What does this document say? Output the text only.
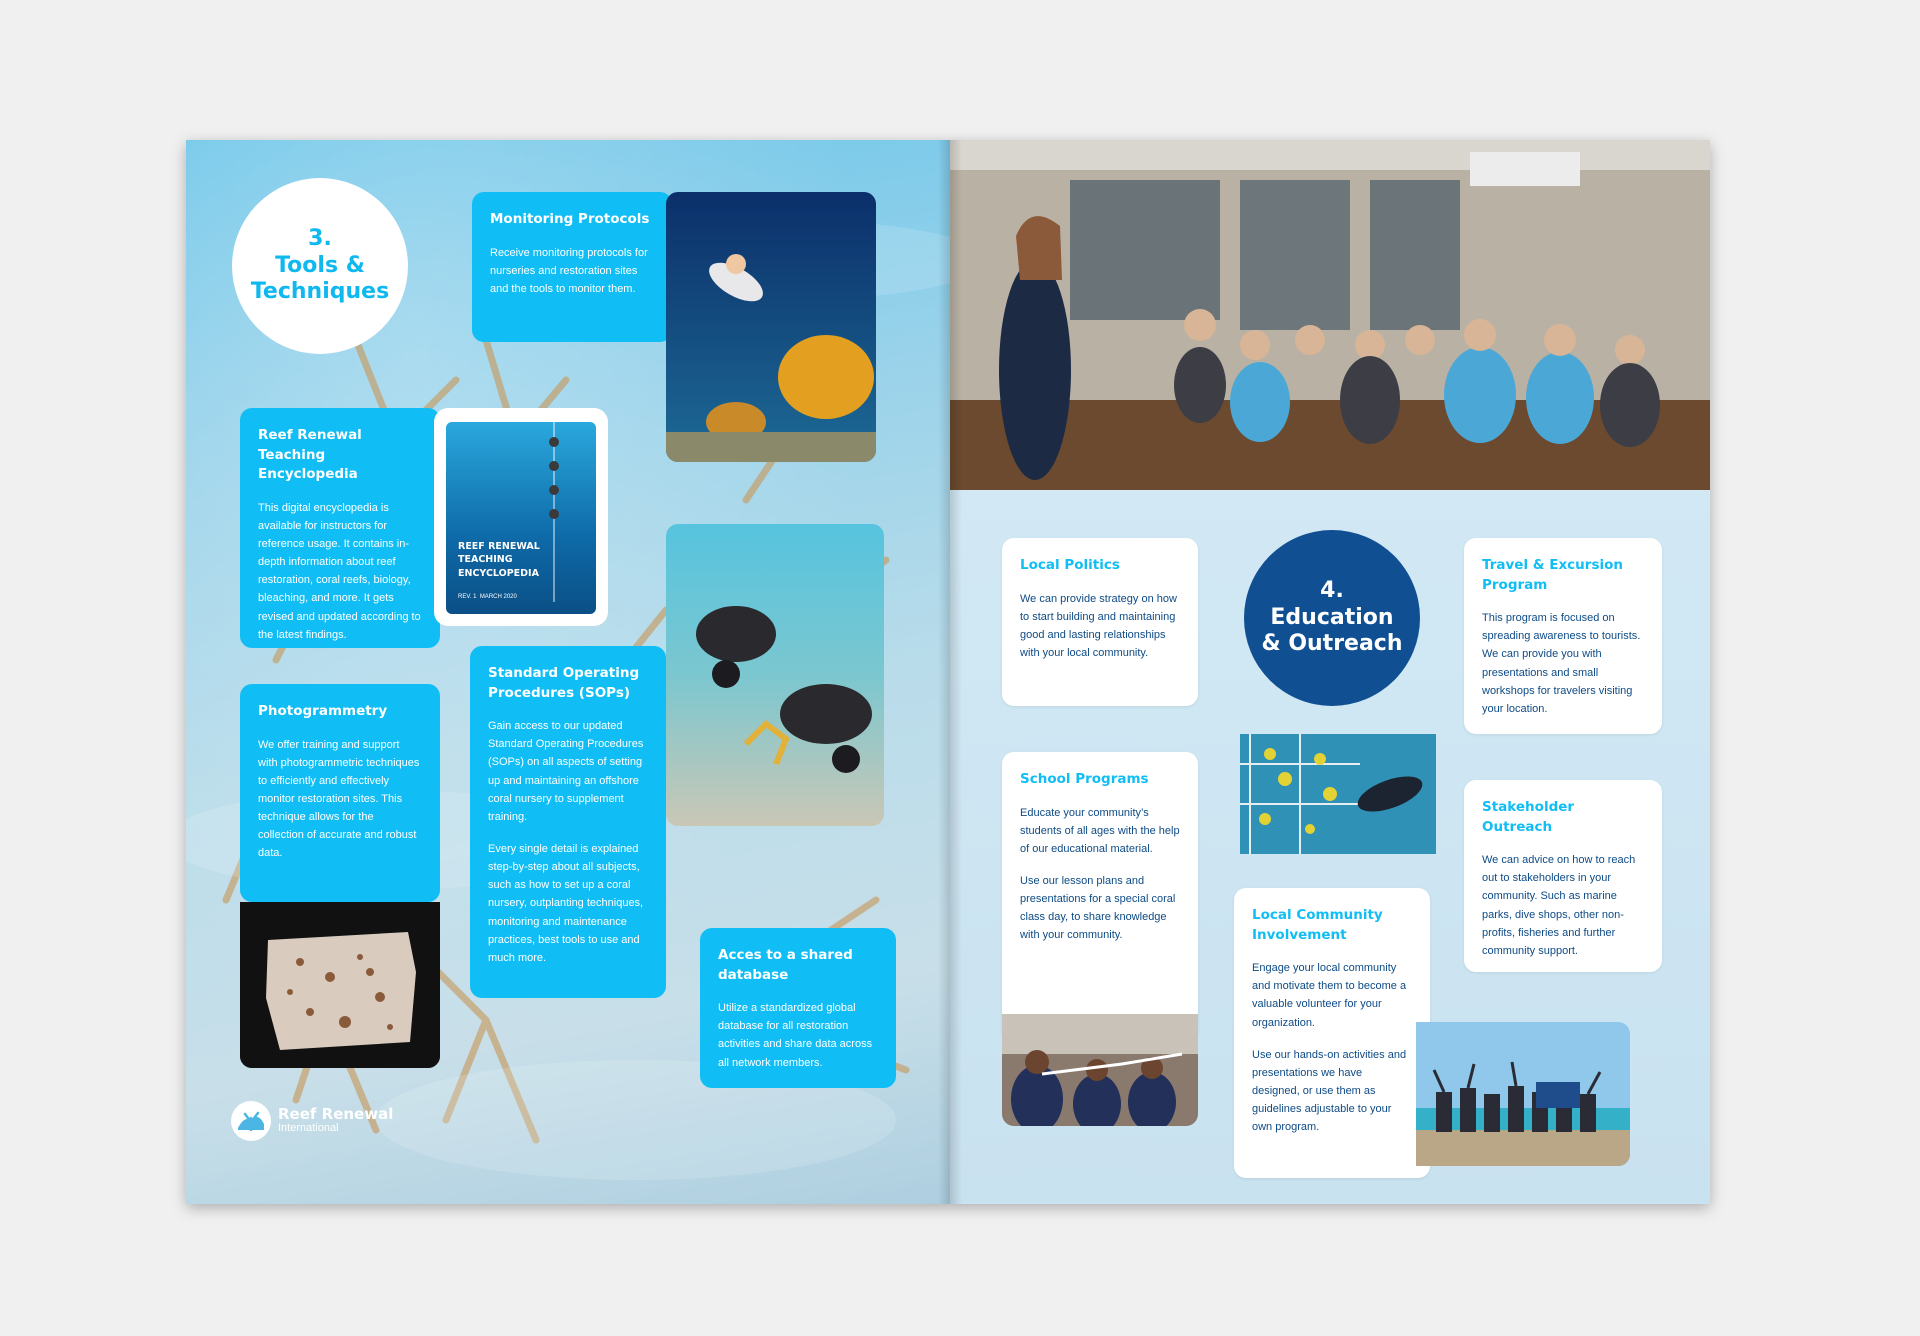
3.
Tools &
Techniques
Monitoring Protocols

Receive monitoring protocols for nurseries and restoration sites and the tools to monitor them.

Reef Renewal Teaching Encyclopedia

This digital encyclopedia is available for instructors for reference usage. It contains in-depth information about reef restoration, coral reefs, biology, bleaching, and more. It gets revised and updated according to the latest findings.

REEF RENEWAL
TEACHING
ENCYCLOPEDIA
REV. 1 MARCH 2020
Photogrammetry

We offer training and support with photogrammetric techniques to efficiently and effectively monitor restoration sites. This technique allows for the collection of accurate and robust data.

Standard Operating Procedures (SOPs)

Gain access to our updated Standard Operating Procedures (SOPs) on all aspects of setting up and maintaining an offshore coral nursery to supplement training.

Every single detail is explained step-by-step about all subjects, such as how to set up a coral nursery, outplanting techniques, monitoring and maintenance practices, best tools to use and much more.	Acces to a shared database

Utilize a standardized global database for all restoration activities and share data across all network members.

Reef Renewal
International
4.
Education
& Outreach
Local Politics

We can provide strategy on how to start building and maintaining good and lasting relationships with your local community.

Travel & Excursion Program

This program is focused on spreading awareness to tourists. We can provide you with presentations and small workshops for travelers visiting your location.

School Programs

Educate your community’s students of all ages with the help of our educational material.

Use our lesson plans and presentations for a special coral class day, to share knowledge with your community.

Stakeholder Outreach

We can advice on how to reach out to stakeholders in your community. Such as marine parks, dive shops, other non-profits, fisheries and further community support.

Local Community Involvement

Engage your local community and motivate them to become a valuable volunteer for your organization.

Use our hands-on activities and presentations we have designed, or use them as guidelines adjustable to your own program.
